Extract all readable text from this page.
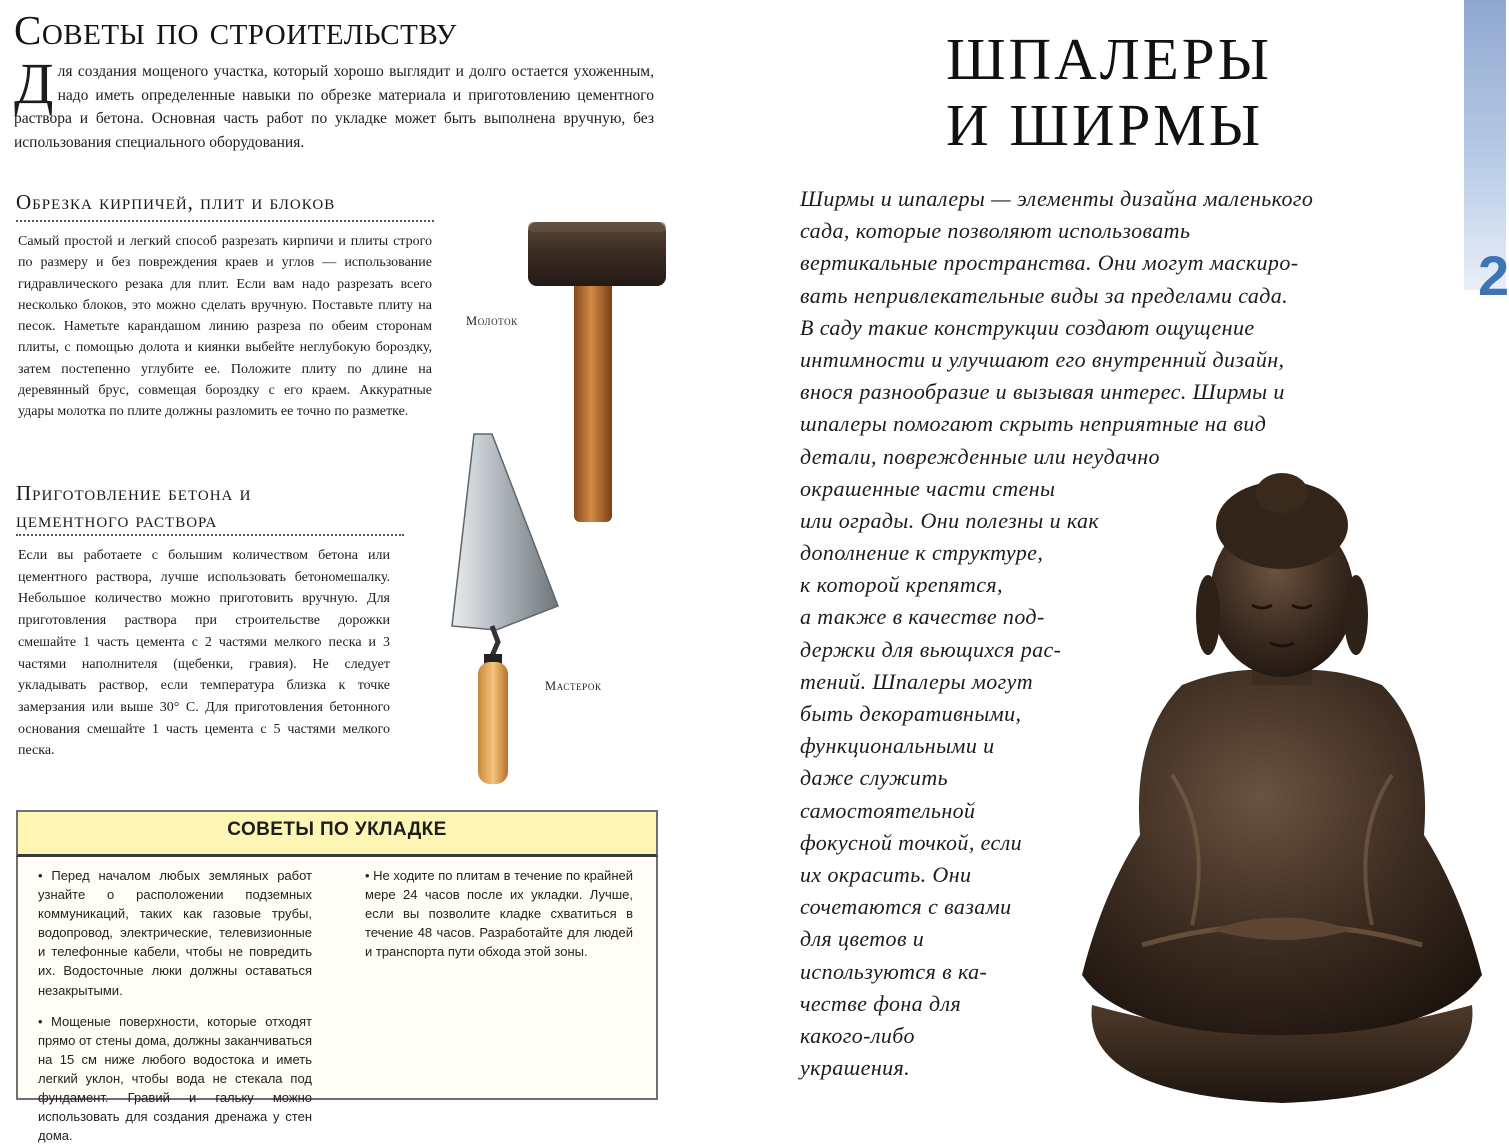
Советы по строительству
Для создания мощеного участка, который хорошо выглядит и долго остается ухоженным, надо иметь определенные навыки по обрезке материала и приготовлению цементного раствора и бетона. Основная часть работ по укладке может быть выполнена вручную, без использования специального оборудования.
Обрезка кирпичей, плит и блоков
Самый простой и легкий способ разрезать кирпичи и плиты строго по размеру и без повреждения краев и углов — использование гидравлического резака для плит. Если вам надо разрезать всего несколько блоков, это можно сделать вручную. Поставьте плиту на песок. Наметьте карандашом линию разреза по обеим сторонам плиты, с помощью долота и киянки выбейте неглубокую бороздку, затем постепенно углубите ее. Положите плиту по длине на деревянный брус, совмещая бороздку с его краем. Аккуратные удары молотка по плите должны разломить ее точно по разметке.
Приготовление бетона и
цементного раствора
Если вы работаете с большим количеством бетона или цементного раствора, лучше использовать бетономешалку. Небольшое количество можно приготовить вручную. Для приготовления раствора при строительстве дорожки смешайте 1 часть цемента с 2 частями мелкого песка и 3 частями наполнителя (щебенки, гравия). Не следует укладывать раствор, если температура близка к точке замерзания или выше 30° С. Для приготовления бетонного основания смешайте 1 часть цемента с 5 частями мелкого песка.
Молоток
Мастерок
СОВЕТЫ ПО УКЛАДКЕ

• Перед началом любых земляных работ узнайте о расположении подземных коммуникаций, таких как газовые трубы, водопровод, электрические, телевизионные и телефонные кабели, чтобы не повредить их. Водосточные люки должны оставаться незакрытыми.

• Мощеные поверхности, которые отходят прямо от стены дома, должны заканчиваться на 15 см ниже любого водостока и иметь легкий уклон, чтобы вода не стекала под фундамент. Гравий и гальку можно использовать для создания дренажа у стен дома.

• Не ходите по плитам в течение по крайней мере 24 часов после их укладки. Лучше, если вы позволите кладке схватиться в течение 48 часов. Разработайте для людей и транспорта пути обхода этой зоны.

ШПАЛЕРЫ
И ШИРМЫ
Ширмы и шпалеры — элементы дизайна маленького
сада, которые позволяют использовать
вертикальные пространства. Они могут маскиро-
вать непривлекательные виды за пределами сада.
В саду такие конструкции создают ощущение
интимности и улучшают его внутренний дизайн,
внося разнообразие и вызывая интерес. Ширмы и
шпалеры помогают скрыть неприятные на вид
детали, поврежденные или неудачно
окрашенные части стены
или ограды. Они полезны и как
дополнение к структуре,
к которой крепятся,
а также в качестве под-
держки для вьющихся рас-
тений. Шпалеры могут
быть декоративными,
функциональными и
даже служить
самостоятельной
фокусной точкой, если
их окрасить. Они
сочетаются с вазами
для цветов и
используются в ка-
честве фона для
какого-либо
украшения.
2
